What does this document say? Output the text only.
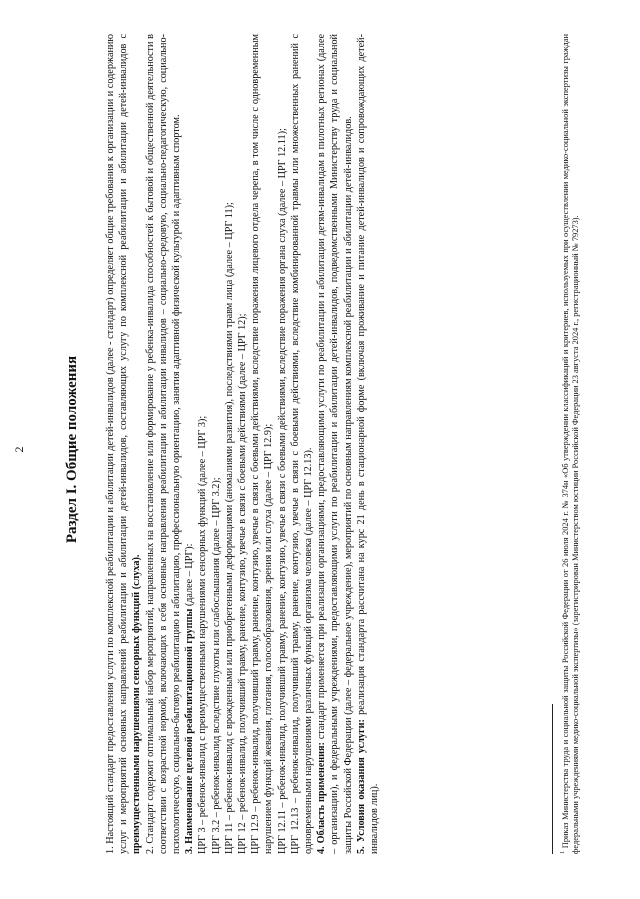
2	Раздел I. Общие положения 1. Настоящий стандарт предоставления услуги по комплексной реабилитации и абилитации детей-инвалидов (далее - стандарт) определяет общие требования к организации и содержанию услуг и мероприятий основных направлений реабилитации и абилитации детей-инвалидов, составляющих услугу по комплексной реабилитации и абилитации детей-инвалидов с преимущественными нарушениями сенсорных функций (слуха). 2. Стандарт содержит оптимальный набор мероприятий, направленных на восстановление или формирование у ребенка-инвалида способностей к бытовой и общественной деятельности в соответствии с возрастной нормой, включающих в себя основные направления реабилитации и абилитации инвалидов – социально-средовую, социально-педагогическую, социально-психологическую, социально-бытовую реабилитацию и абилитацию, профессиональную ориентацию, занятия адаптивной физической культурой и адаптивным спортом. 3. Наименование целевой реабилитационной группы (далее – ЦРГ): ЦРГ 3 – ребенок-инвалид с преимущественными нарушениями сенсорных функций (далее – ЦРГ 3); ЦРГ 3.2 – ребенок-инвалид вследствие глухоты или слабослышания (далее – ЦРГ 3.2); ЦРГ 11 – ребенок-инвалид с врожденными или приобретенными деформациями (аномалиями развития), последствиями травм лица (далее – ЦРГ 11); ЦРГ 12 – ребенок-инвалид, получивший травму, ранение, контузию, увечье в связи с боевыми действиями (далее – ЦРГ 12); ЦРГ 12.9 – ребенок-инвалид, получивший травму, ранение, контузию, увечье в связи с боевыми действиями, вследствие поражения лицевого отдела черепа, в том числе с одновременным нарушением функций жевания, глотания, голосообразования, зрения или слуха (далее – ЦРГ 12.9); ЦРГ 12.11 – ребенок-инвалид, получивший травму, ранение, контузию, увечье в связи с боевыми действиями, вследствие поражения органа слуха (далее – ЦРГ 12.11); ЦРГ 12.13 – ребенок-инвалид, получивший травму, ранение, контузию, увечье в связи с боевыми действиями, вследствие комбинированной травмы или множественных ранений с одновременными нарушениями различных функций организма человека (далее – ЦРГ 12.13). 4. Область применения: стандарт применяется при реализации организациями, предоставляющими услуги по реабилитации и абилитации детям-инвалидам в пилотных регионах (далее – организации), и федеральными учреждениями, предоставляющими услуги по реабилитации и абилитации детей-инвалидов, подведомственными Министерству труда и социальной защиты Российской Федерации (далее – федеральное учреждение), мероприятий по основным направлениям комплексной реабилитации и абилитации детей-инвалидов. 5. Условия оказания услуги: реализация стандарта рассчитана на курс 21 день в стационарной форме (включая проживание и питание детей-инвалидов и сопровождающих детей-инвалидов лиц).	$^1$ Приказ Министерства труда и социальной защиты Российской Федерации от 26 июля 2024 г. № 374н «Об утверждении классификаций и критериев, используемых при осуществлении медико-социальной экспертизы граждан федеральными учреждениями медико-социальной экспертизы» (зарегистрирован Министерством юстиции Российской Федерации 23 августа 2024 г., регистрационный № 79273).
